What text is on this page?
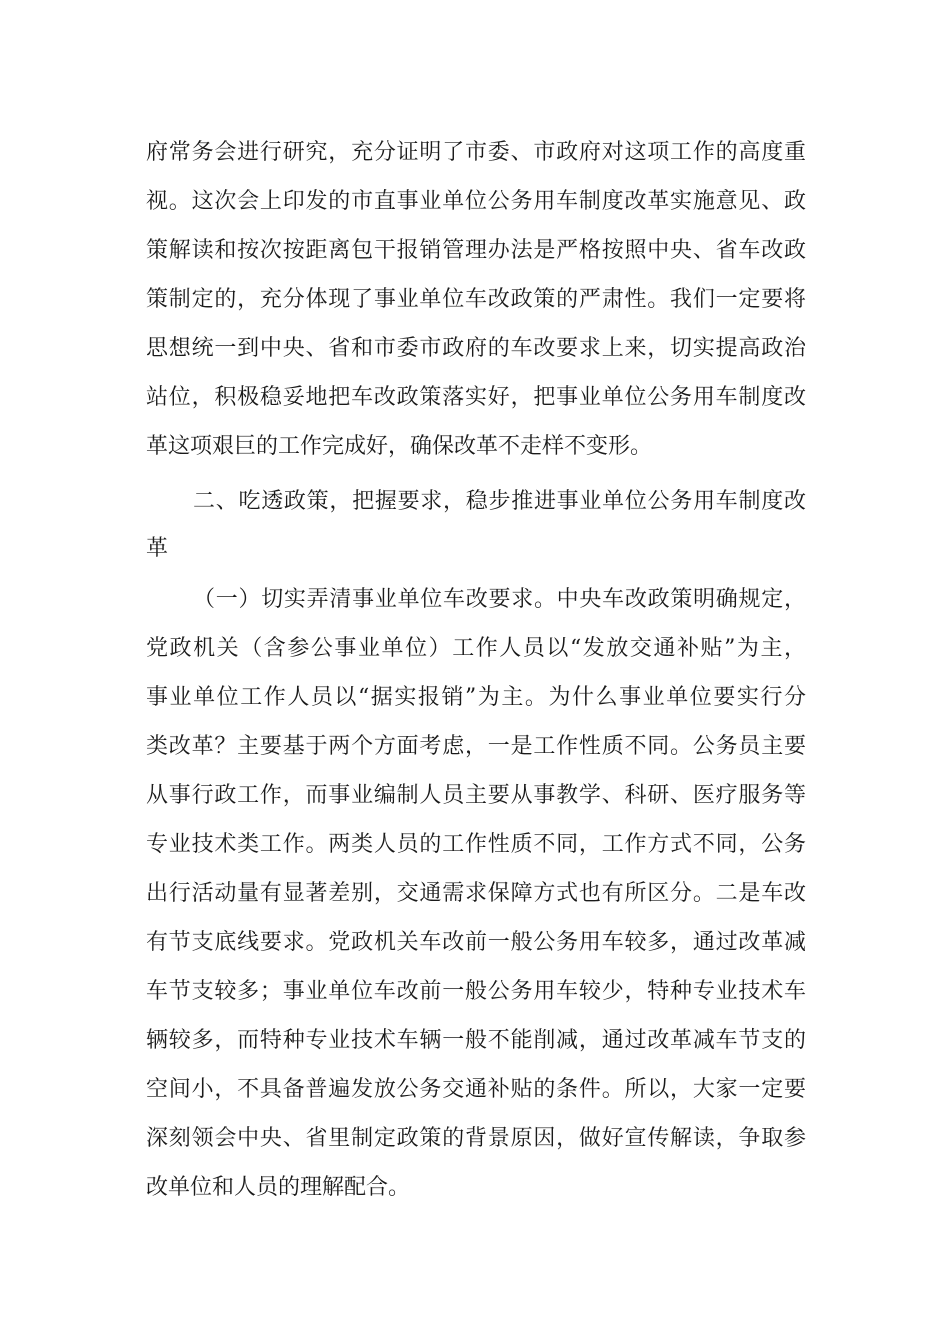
府常务会进行研究，充分证明了市委、市政府对这项工作的高度重
视。这次会上印发的市直事业单位公务用车制度改革实施意见、政
策解读和按次按距离包干报销管理办法是严格按照中央、省车改政
策制定的，充分体现了事业单位车改政策的严肃性。我们一定要将
思想统一到中央、省和市委市政府的车改要求上来，切实提高政治
站位，积极稳妥地把车改政策落实好，把事业单位公务用车制度改
革这项艰巨的工作完成好，确保改革不走样不变形。
二、吃透政策，把握要求，稳步推进事业单位公务用车制度改
革
（一）切实弄清事业单位车改要求。中央车改政策明确规定，
党政机关（含参公事业单位）工作人员以“发放交通补贴”为主，
事业单位工作人员以“据实报销”为主。为什么事业单位要实行分
类改革？主要基于两个方面考虑，一是工作性质不同。公务员主要
从事行政工作，而事业编制人员主要从事教学、科研、医疗服务等
专业技术类工作。两类人员的工作性质不同，工作方式不同，公务
出行活动量有显著差别，交通需求保障方式也有所区分。二是车改
有节支底线要求。党政机关车改前一般公务用车较多，通过改革减
车节支较多；事业单位车改前一般公务用车较少，特种专业技术车
辆较多，而特种专业技术车辆一般不能削减，通过改革减车节支的
空间小，不具备普遍发放公务交通补贴的条件。所以，大家一定要
深刻领会中央、省里制定政策的背景原因，做好宣传解读，争取参
改单位和人员的理解配合。
